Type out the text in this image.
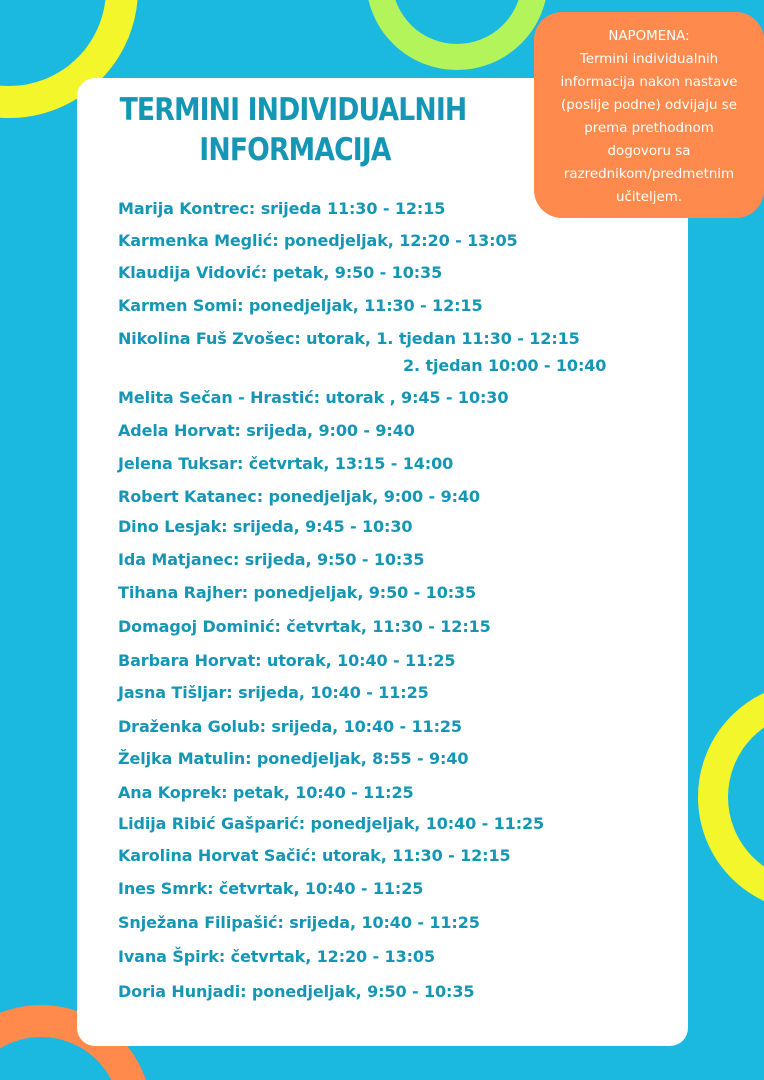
TERMINI INDIVIDUALNIH
INFORMACIJA
NAPOMENA:
Termini individualnih
informacija nakon nastave
(poslije podne) odvijaju se
prema prethodnom
dogovoru sa
razrednikom/predmetnim
učiteljem.
Marija Kontrec: srijeda 11:30 - 12:15
Karmenka Meglić: ponedjeljak, 12:20 - 13:05
Klaudija Vidović: petak, 9:50 - 10:35
Karmen Somi: ponedjeljak, 11:30 - 12:15
Nikolina Fuš Zvošec: utorak, 1. tjedan 11:30 - 12:15
2. tjedan 10:00 - 10:40
Melita Sečan - Hrastić: utorak , 9:45 - 10:30
Adela Horvat: srijeda, 9:00 - 9:40
Jelena Tuksar: četvrtak, 13:15 - 14:00
Robert Katanec: ponedjeljak, 9:00 - 9:40
Dino Lesjak: srijeda, 9:45 - 10:30
Ida Matjanec: srijeda, 9:50 - 10:35
Tihana Rajher: ponedjeljak, 9:50 - 10:35
Domagoj Dominić: četvrtak, 11:30 - 12:15
Barbara Horvat: utorak, 10:40 - 11:25
Jasna Tišljar: srijeda, 10:40 - 11:25
Draženka Golub: srijeda, 10:40 - 11:25
Željka Matulin: ponedjeljak, 8:55 - 9:40
Ana Koprek: petak, 10:40 - 11:25
Lidija Ribić Gašparić: ponedjeljak, 10:40 - 11:25
Karolina Horvat Sačić: utorak, 11:30 - 12:15
Ines Smrk: četvrtak, 10:40 - 11:25
Snježana Filipašić: srijeda, 10:40 - 11:25
Ivana Špirk: četvrtak, 12:20 - 13:05
Doria Hunjadi: ponedjeljak, 9:50 - 10:35
